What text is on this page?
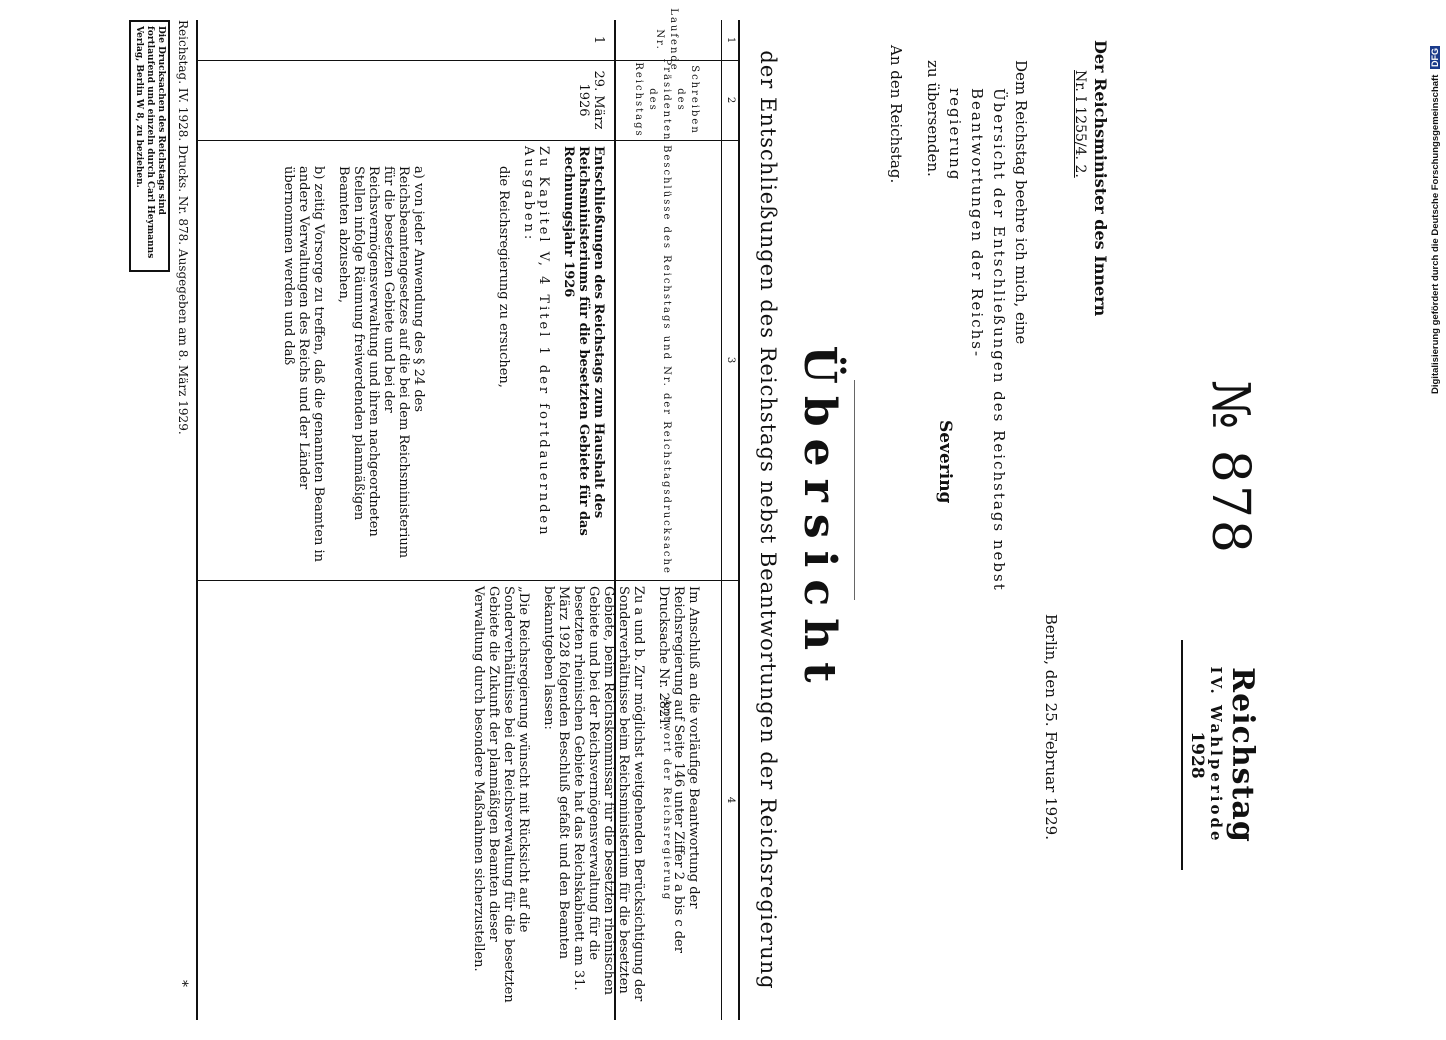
Reichstag
IV. Wahlperiode
1928
№ 878
Der Reichsminister des Innern
Nr. I 1255/4. 2.
Berlin, den 25. Februar 1929.
Dem Reichstag beehre ich mich, eine
Übersicht der Entschließungen des Reichstags nebst Beantwortungen der Reichs-
regierung
zu übersenden.
Severing
An den Reichstag.
Übersicht
der Entschließungen des Reichstags nebst Beantwortungen der Reichsregierung
1
Laufende Nr.
1
2
Schreiben des Präsidenten des Reichstags
29. März 1926
3
Beschlüsse des Reichstags und Nr. der Reichstagsdrucksache
Entschließungen des Reichstags zum Haushalt des Reichsministeriums für die besetzten Gebiete für das Rechnungsjahr 1926
Zu Kapitel V, 4 Titel 1 der fortdauernden Ausgaben:
die Reichsregierung zu ersuchen,
a) von jeder Anwendung des § 24 des Reichsbeamtengesetzes auf die bei dem Reichsministerium für die besetzten Gebiete und bei der Reichsvermögensverwaltung und ihren nachgeordneten Stellen infolge Räumung freiwerdenden planmäßigen Beamten abzusehen,
b) zeitig Vorsorge zu treffen, daß die genannten Beamten in andere Verwaltungen des Reichs und der Länder übernommen werden und daß
4
Antwort der Reichsregierung	Im Anschluß an die vorläufige Beantwortung der Reichsregierung auf Seite 146 unter Ziffer 2 a bis c der Drucksache Nr. 2821.
Zu a und b. Zur möglichst weitgehenden Berücksichtigung der Sonderverhältnisse beim Reichsministerium für die besetzten Gebiete, beim Reichskommissar für die besetzten rheinischen Gebiete und bei der Reichsvermögensverwaltung für die besetzten rheinischen Gebiete hat das Reichskabinett am 31. März 1928 folgenden Beschluß gefaßt und den Beamten bekanntgeben lassen:
„Die Reichsregierung wünscht mit Rücksicht auf die Sonderverhältnisse bei der Reichsverwaltung für die besetzten Gebiete die Zukunft der planmäßigen Beamten dieser Verwaltung durch besondere Maßnahmen sicherzustellen.
Reichstag. IV. 1928. Drucks. Nr. 878. Ausgegeben am 8. März 1929.
Die Drucksachen des Reichstags sind fortlaufend und einzeln durch Carl Heymanns Verlag, Berlin W 8, zu beziehen.
*
Digitalisierung gefördert durch die Deutsche Forschungsgemeinschaft DFG
